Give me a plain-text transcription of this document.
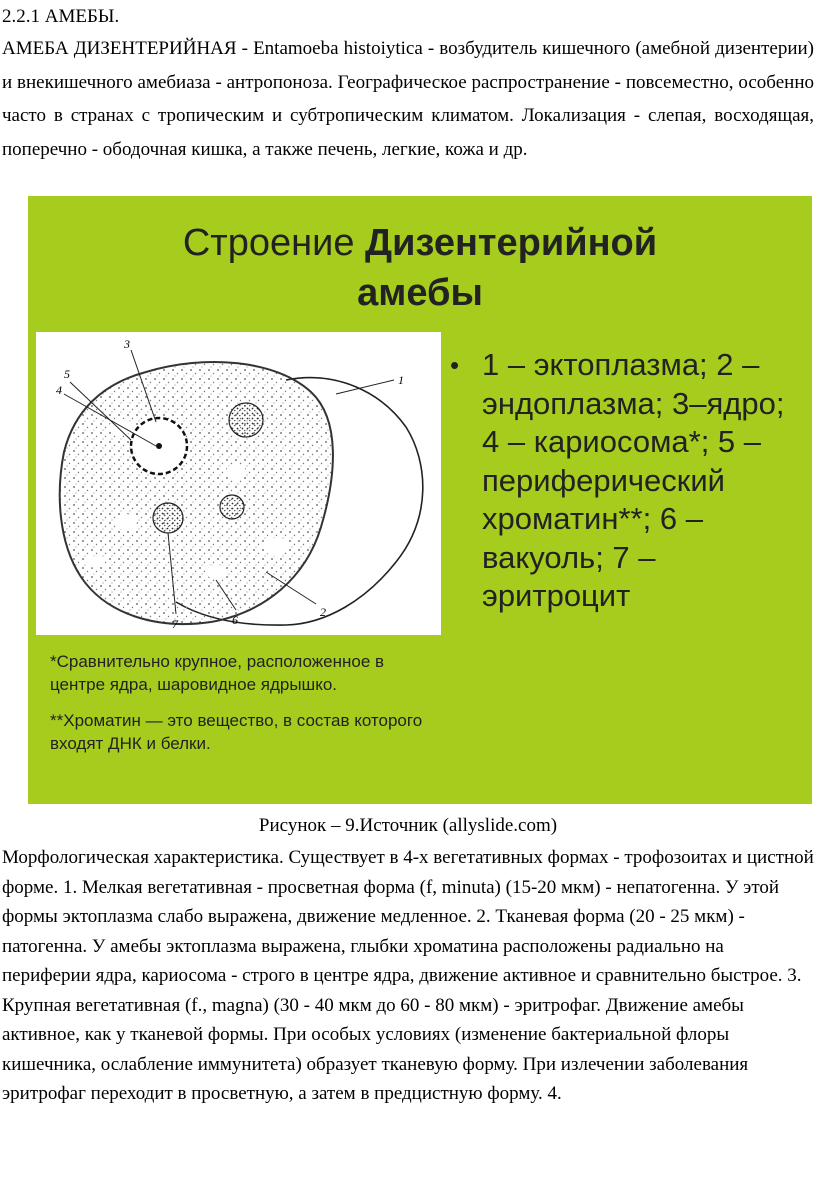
2.2.1 АМЕБЫ.
АМЕБА ДИЗЕНТЕРИЙНАЯ - Entamoeba histoiytica - возбудитель кишечного (амебной дизентерии) и внекишечного амебиаза - антропоноза. Географическое распространение - повсеместно, особенно часто в странах с тропическим и субтропическим климатом. Локализация - слепая, восходящая, поперечно - ободочная кишка, а также печень, легкие, кожа и др.
Строение Дизентерийной
амебы
3
5
4
1
2
6
7
• 1 – эктоплазма; 2 – эндоплазма; 3–ядро; 4 – кариосома*; 5 – периферический хроматин**; 6 – вакуоль; 7 – эритроцит

*Сравнительно крупное, расположенное в центре ядра, шаровидное ядрышко.

**Хроматин — это вещество, в состав которого входят ДНК и белки.

Рисунок – 9.Источник (allyslide.com)
Морфологическая характеристика. Существует в 4-х вегетативных формах - трофозоитах и цистной форме. 1. Мелкая вегетативная - просветная форма (f, minuta) (15-20 мкм) - непатогенна. У этой формы эктоплазма слабо выражена, движение медленное. 2. Тканевая форма (20 - 25 мкм) - патогенна. У амебы эктоплазма выражена, глыбки хроматина расположены радиально на периферии ядра, кариосома - строго в центре ядра, движение активное и сравнительно быстрое. 3. Крупная вегетативная (f., magna) (30 - 40 мкм до 60 - 80 мкм) - эритрофаг. Движение амебы активное, как у тканевой формы. При особых условиях (изменение бактериальной флоры кишечника, ослабление иммунитета) образует тканевую форму. При излечении заболевания эритрофаг переходит в просветную, а затем в предцистную форму. 4.
